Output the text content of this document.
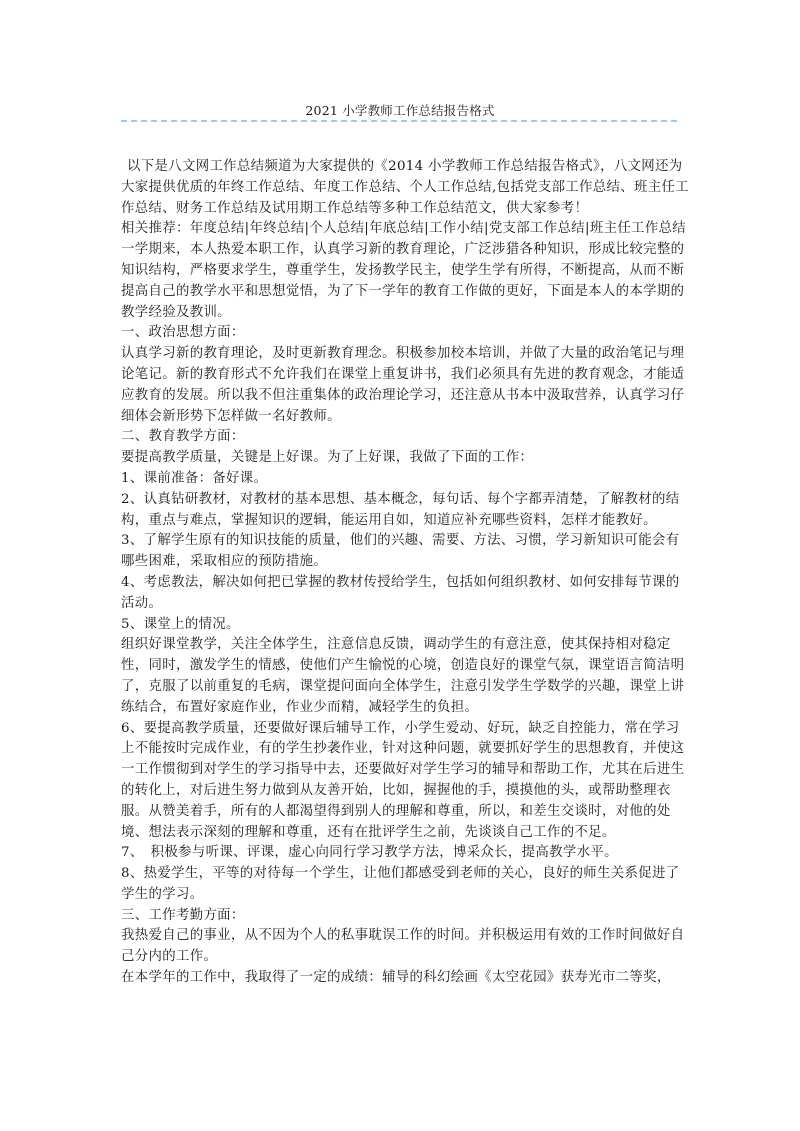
2021 小学教师工作总结报告格式

以下是八文网工作总结频道为大家提供的《2014 小学教师工作总结报告格式》，八文网还为大家提供优质的年终工作总结、年度工作总结、个人工作总结,包括党支部工作总结、班主任工作总结、财务工作总结及试用期工作总结等多种工作总结范文，供大家参考！

相关推荐：年度总结|年终总结|个人总结|年底总结|工作小结|党支部工作总结|班主任工作总结

一学期来，本人热爱本职工作，认真学习新的教育理论，广泛涉猎各种知识，形成比较完整的知识结构，严格要求学生，尊重学生，发扬教学民主，使学生学有所得，不断提高，从而不断提高自己的教学水平和思想觉悟，为了下一学年的教育工作做的更好，下面是本人的本学期的教学经验及教训。

一、政治思想方面：

认真学习新的教育理论，及时更新教育理念。积极参加校本培训，并做了大量的政治笔记与理论笔记。新的教育形式不允许我们在课堂上重复讲书，我们必须具有先进的教育观念，才能适应教育的发展。所以我不但注重集体的政治理论学习，还注意从书本中汲取营养，认真学习仔细体会新形势下怎样做一名好教师。

二、教育教学方面：

要提高教学质量，关键是上好课。为了上好课，我做了下面的工作：

1、课前准备：备好课。

2、认真钻研教材，对教材的基本思想、基本概念，每句话、每个字都弄清楚，了解教材的结构，重点与难点，掌握知识的逻辑，能运用自如，知道应补充哪些资料，怎样才能教好。

3、了解学生原有的知识技能的质量，他们的兴趣、需要、方法、习惯，学习新知识可能会有哪些困难，采取相应的预防措施。

4、考虑教法，解决如何把已掌握的教材传授给学生，包括如何组织教材、如何安排每节课的活动。

5、课堂上的情况。

组织好课堂教学，关注全体学生，注意信息反馈，调动学生的有意注意，使其保持相对稳定性，同时，激发学生的情感，使他们产生愉悦的心境，创造良好的课堂气氛，课堂语言简洁明了，克服了以前重复的毛病，课堂提问面向全体学生，注意引发学生学数学的兴趣，课堂上讲练结合，布置好家庭作业，作业少而精，减轻学生的负担。

6、要提高教学质量，还要做好课后辅导工作，小学生爱动、好玩，缺乏自控能力，常在学习上不能按时完成作业，有的学生抄袭作业，针对这种问题，就要抓好学生的思想教育，并使这一工作惯彻到对学生的学习指导中去，还要做好对学生学习的辅导和帮助工作，尤其在后进生的转化上，对后进生努力做到从友善开始，比如，握握他的手，摸摸他的头，或帮助整理衣服。从赞美着手，所有的人都渴望得到别人的理解和尊重，所以，和差生交谈时，对他的处境、想法表示深刻的理解和尊重，还有在批评学生之前，先谈谈自己工作的不足。

7、　积极参与听课、评课，虚心向同行学习教学方法，博采众长，提高教学水平。

8、热爱学生，平等的对待每一个学生，让他们都感受到老师的关心，良好的师生关系促进了学生的学习。

三、工作考勤方面：

我热爱自己的事业，从不因为个人的私事耽误工作的时间。并积极运用有效的工作时间做好自己分内的工作。

在本学年的工作中，我取得了一定的成绩：辅导的科幻绘画《太空花园》获寿光市二等奖，
